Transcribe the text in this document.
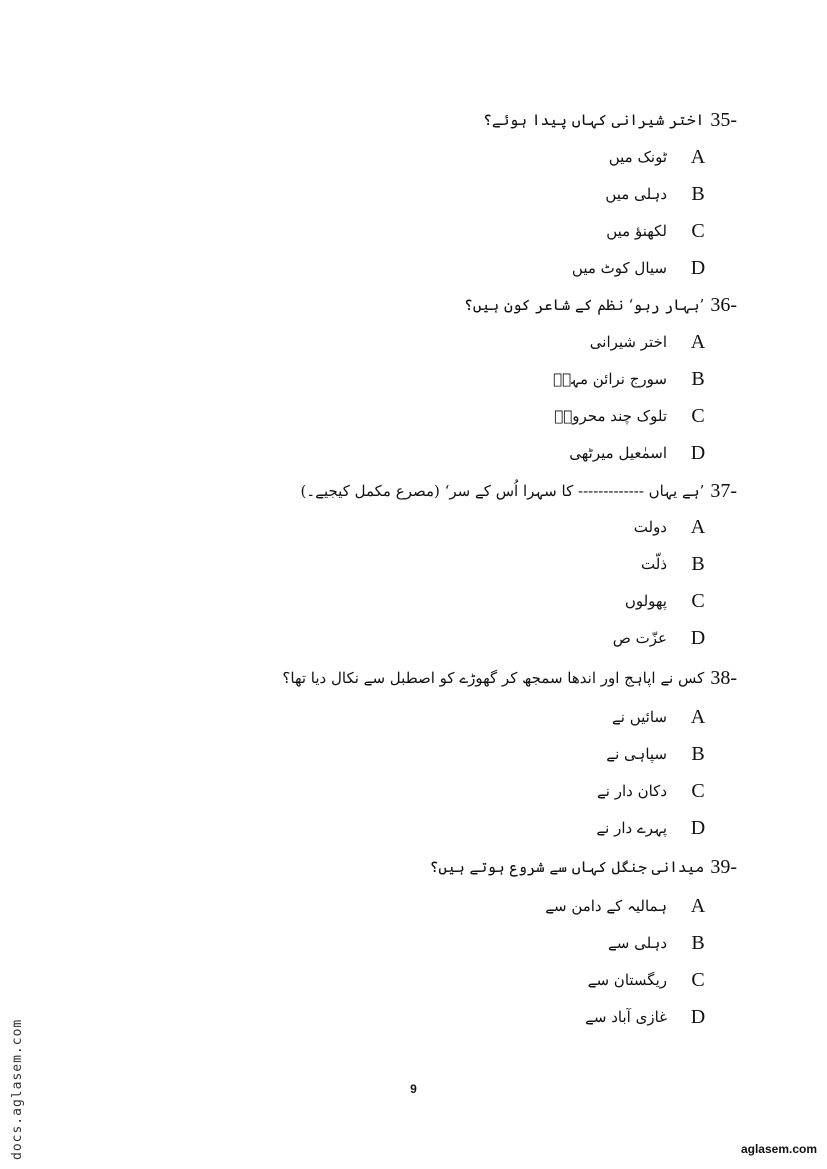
اختر شیرانی کہاں پیدا ہوئے؟ 35-
ٹونک میں A
دہلی میں B
لکھنؤ میں C
سیال کوٹ میں D
’بہار ربو‘ نظم کے شاعر کون ہیں؟ 36-
اختر شیرانی A
سورج نرائن مہرؔ B
تلوک چند محرومؔ C
اسمٰعیل میرٹھی D
’ہے یہاں ------------- کا سہرا اُس کے سر‘ (مصرع مکمل کیجیے۔) 37-
دولت A
ذلّت B
پھولوں C
عزّت ص D
کس نے اپاہج اور اندھا سمجھ کر گھوڑے کو اصطبل سے نکال دیا تھا؟ 38-
سائیں نے A
سپاہی نے B
دکان دار نے C
پہرے دار نے D
میدانی جنگل کہاں سے شروع ہوتے ہیں؟ 39-
ہمالیہ کے دامن سے A
دہلی سے B
ریگستان سے C
غازی آباد سے D
9
docs.aglasem.com	aglasem.com
